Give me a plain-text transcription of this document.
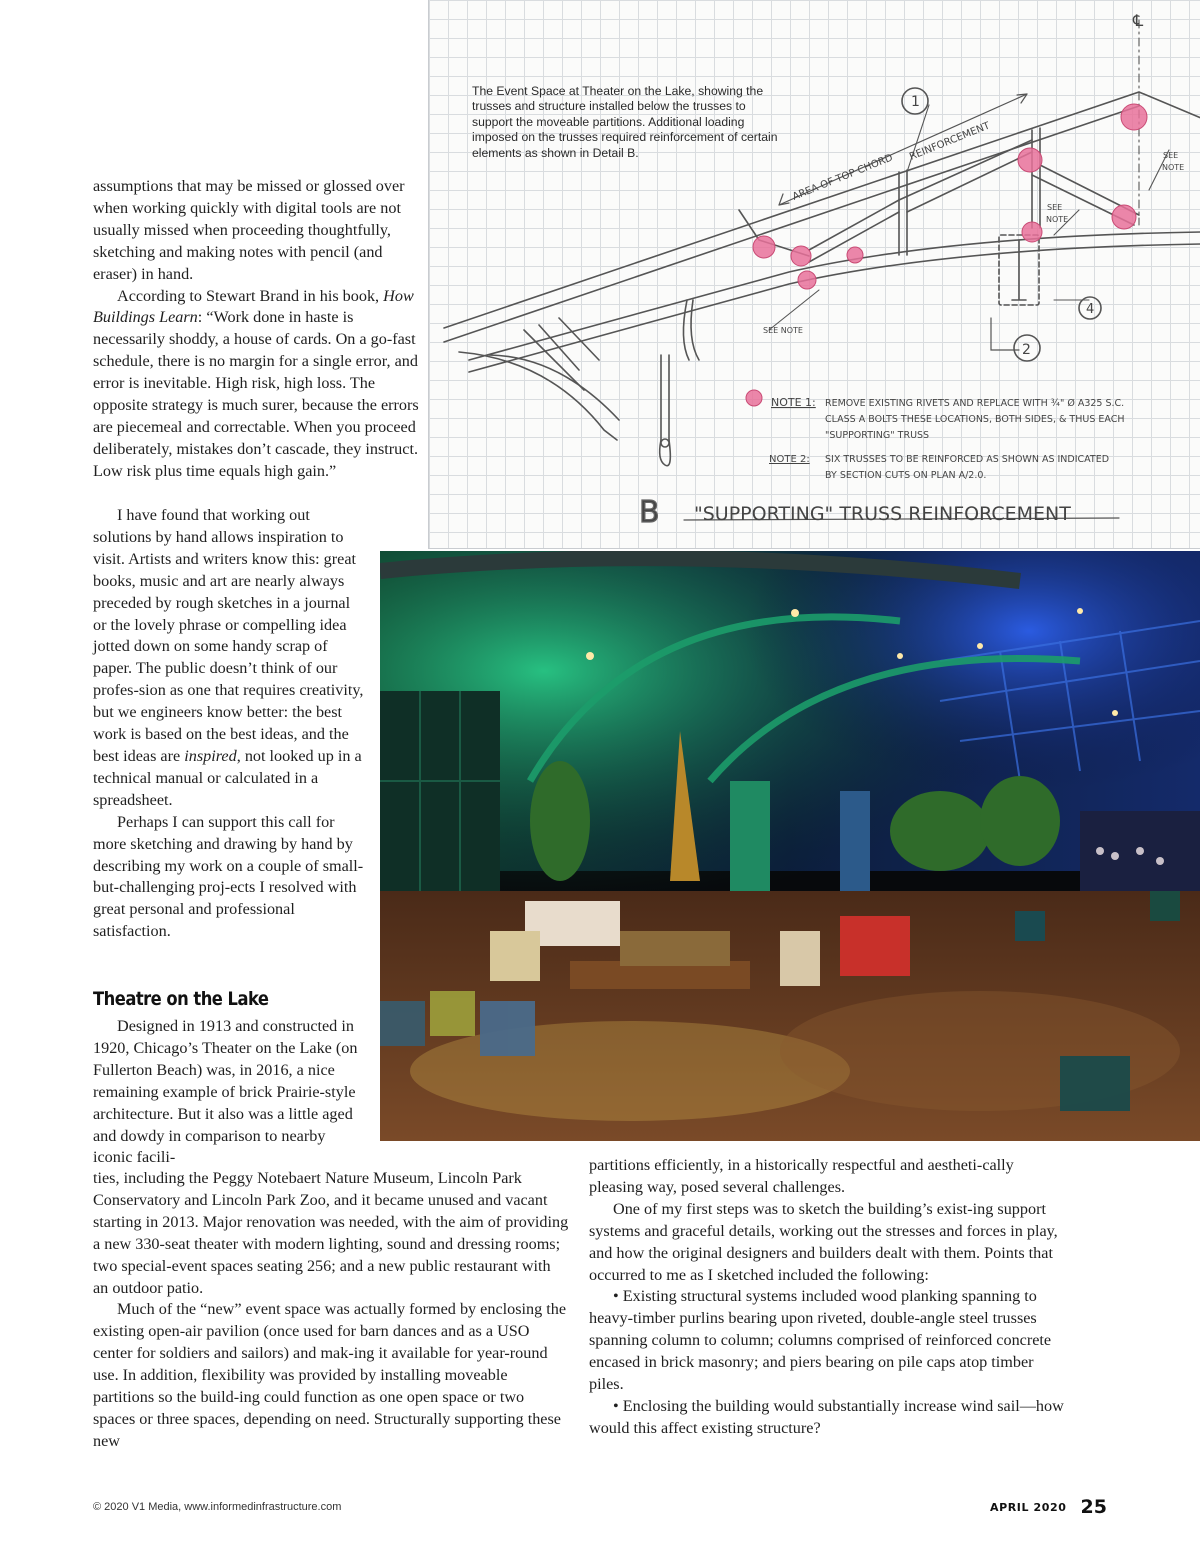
1
2
4
℄
REINFORCEMENT
AREA OF TOP CHORD	SEE
NOTE
SEE
NOTE
SEE NOTE
NOTE 1: REMOVE EXISTING RIVETS AND REPLACE WITH ¾" Ø A325 S.C.
CLASS A BOLTS THESE LOCATIONS, BOTH SIDES, & THUS EACH
"SUPPORTING" TRUSS
NOTE 2: SIX TRUSSES TO BE REINFORCED AS SHOWN AS INDICATED
BY SECTION CUTS ON PLAN A/2.0.
B "SUPPORTING" TRUSS REINFORCEMENT
The Event Space at Theater on the Lake, showing the trusses and structure installed below the trusses to support the moveable partitions. Additional loading imposed on the trusses required reinforcement of certain elements as shown in Detail B.

assumptions that may be missed or glossed over when working quickly with digital tools are not usually missed when proceeding thoughtfully, sketching and making notes with pencil (and eraser) in hand.

According to Stewart Brand in his book, How Buildings Learn: “Work done in haste is necessarily shoddy, a house of cards. On a go-fast schedule, there is no margin for a single error, and error is inevitable. High risk, high loss. The opposite strategy is much surer, because the errors are piecemeal and correctable. When you proceed deliberately, mistakes don’t cascade, they instruct. Low risk plus time equals high gain.”

I have found that working out solutions by hand allows inspiration to visit. Artists and writers know this: great books, music and art are nearly always preceded by rough sketches in a journal or the lovely phrase or compelling idea jotted down on some handy scrap of paper. The public doesn’t think of our profes-sion as one that requires creativity, but we engineers know better: the best work is based on the best ideas, and the best ideas are inspired, not looked up in a technical manual or calculated in a spreadsheet.

Perhaps I can support this call for more sketching and drawing by hand by describing my work on a couple of small-but-challenging proj-ects I resolved with great personal and professional satisfaction.

Theatre on the Lake

Designed in 1913 and constructed in 1920, Chicago’s Theater on the Lake (on Fullerton Beach) was, in 2016, a nice remaining example of brick Prairie-style architecture. But it also was a little aged and dowdy in comparison to nearby iconic facili-

ties, including the Peggy Notebaert Nature Museum, Lincoln Park Conservatory and Lincoln Park Zoo, and it became unused and vacant starting in 2013. Major renovation was needed, with the aim of providing a new 330-seat theater with modern lighting, sound and dressing rooms; two special-event spaces seating 256; and a new public restaurant with an outdoor patio.

Much of the “new” event space was actually formed by enclosing the existing open-air pavilion (once used for barn dances and as a USO center for soldiers and sailors) and mak-ing it available for year-round use. In addition, flexibility was provided by installing moveable partitions so the build-ing could function as one open space or two spaces or three spaces, depending on need. Structurally supporting these new

partitions efficiently, in a historically respectful and aestheti-cally pleasing way, posed several challenges.

One of my first steps was to sketch the building’s exist-ing support systems and graceful details, working out the stresses and forces in play, and how the original designers and builders dealt with them. Points that occurred to me as I sketched included the following:

• Existing structural systems included wood planking spanning to heavy-timber purlins bearing upon riveted, double-angle steel trusses spanning column to column; columns comprised of reinforced concrete encased in brick masonry; and piers bearing on pile caps atop timber piles.

• Enclosing the building would substantially increase wind sail—how would this affect existing structure?

© 2020 V1 Media, www.informedinfrastructure.com	APRIL 2020 25
